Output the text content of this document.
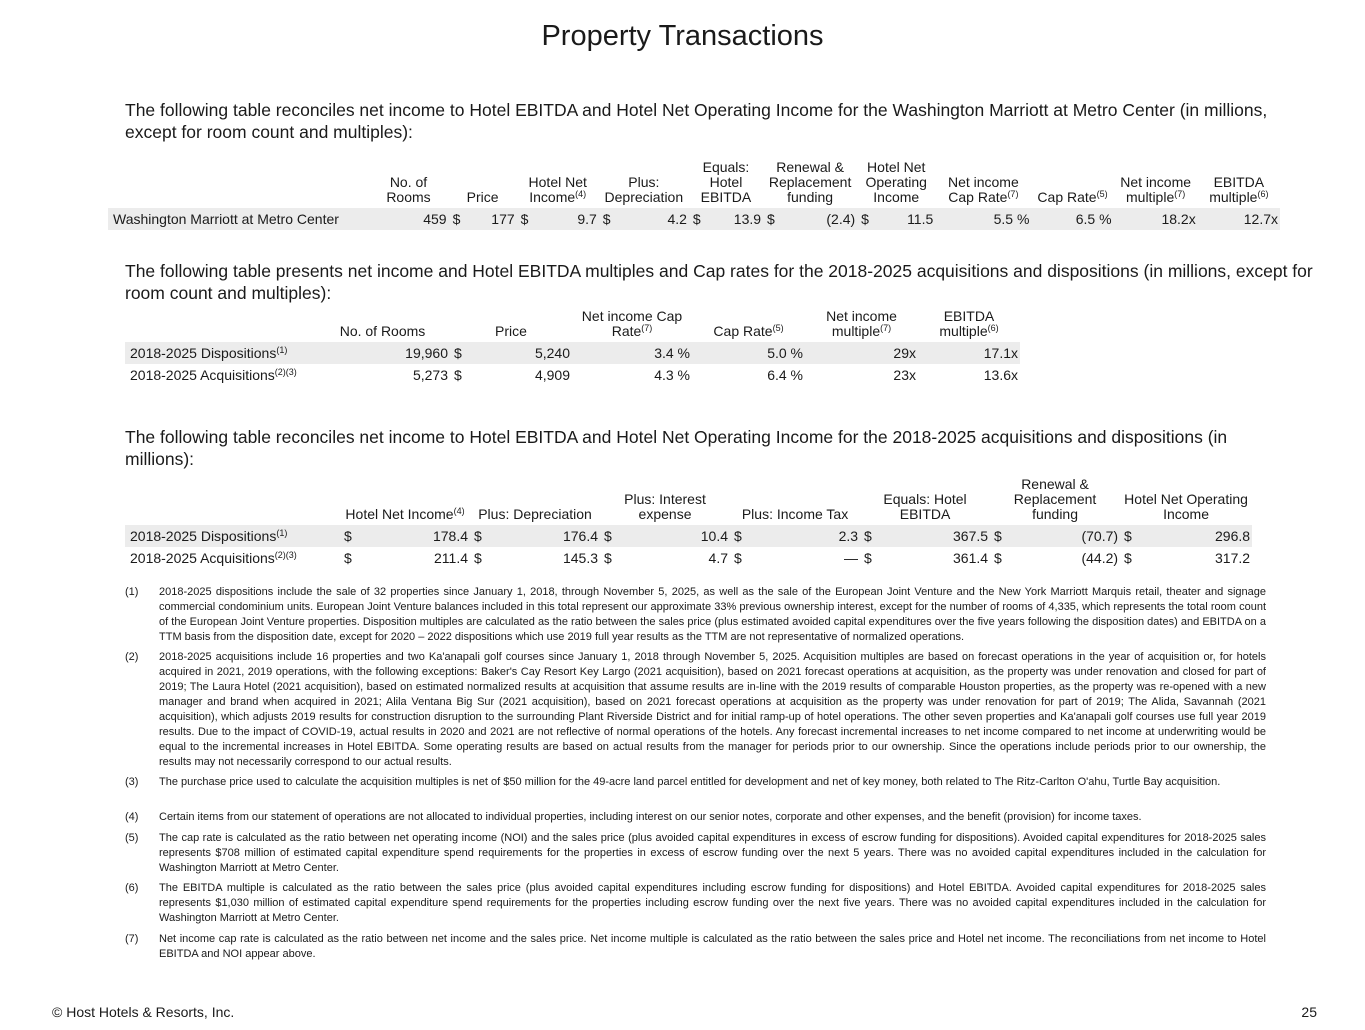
Property Transactions
The following table reconciles net income to Hotel EBITDA and Hotel Net Operating Income for the Washington Marriott at Metro Center (in millions, except for room count and multiples):
	No. of Rooms	Price		Hotel Net Income$^{(4)}$		Plus: Depreciation		Equals: Hotel EBITDA		Renewal & Replacement funding		Hotel Net Operating Income		Net income Cap Rate$^{(7)}$	Cap Rate$^{(5)}$	Net income multiple$^{(7)}$	EBITDA multiple$^{(6)}$
Washington Marriott at Metro Center	459	$	177	$	9.7	$	4.2	$	13.9	$	(2.4)	$	11.5	5.5 %	6.5 %	18.2x	12.7x
The following table presents net income and Hotel EBITDA multiples and Cap rates for the 2018-2025 acquisitions and dispositions (in millions, except for room count and multiples):
	No. of Rooms	Price		Net income Cap Rate$^{(7)}$	Cap Rate$^{(5)}$	Net income multiple$^{(7)}$	EBITDA multiple$^{(6)}$
2018-2025 Dispositions$^{(1)}$	19,960	$	5,240	3.4 %	5.0 %	29x	17.1x
2018-2025 Acquisitions$^{(2)(3)}$	5,273	$	4,909	4.3 %	6.4 %	23x	13.6x
The following table reconciles net income to Hotel EBITDA and Hotel Net Operating Income for the 2018-2025 acquisitions and dispositions (in millions):
	Hotel Net Income$^{(4)}$		Plus: Depreciation		Plus: Interest expense		Plus: Income Tax		Equals: Hotel EBITDA		Renewal & Replacement funding		Hotel Net Operating Income	
2018-2025 Dispositions$^{(1)}$	$	178.4	$	176.4	$	10.4	$	2.3	$	367.5	$	(70.7)	$	296.8
2018-2025 Acquisitions$^{(2)(3)}$	$	211.4	$	145.3	$	4.7	$	—	$	361.4	$	(44.2)	$	317.2
(1) 2018-2025 dispositions include the sale of 32 properties since January 1, 2018, through November 5, 2025, as well as the sale of the European Joint Venture and the New York Marriott Marquis retail, theater and signage commercial condominium units. European Joint Venture balances included in this total represent our approximate 33% previous ownership interest, except for the number of rooms of 4,335, which represents the total room count of the European Joint Venture properties. Disposition multiples are calculated as the ratio between the sales price (plus estimated avoided capital expenditures over the five years following the disposition dates) and EBITDA on a TTM basis from the disposition date, except for 2020 – 2022 dispositions which use 2019 full year results as the TTM are not representative of normalized operations.
(2) 2018-2025 acquisitions include 16 properties and two Ka'anapali golf courses since January 1, 2018 through November 5, 2025. Acquisition multiples are based on forecast operations in the year of acquisition or, for hotels acquired in 2021, 2019 operations, with the following exceptions: Baker's Cay Resort Key Largo (2021 acquisition), based on 2021 forecast operations at acquisition, as the property was under renovation and closed for part of 2019; The Laura Hotel (2021 acquisition), based on estimated normalized results at acquisition that assume results are in-line with the 2019 results of comparable Houston properties, as the property was re-opened with a new manager and brand when acquired in 2021; Alila Ventana Big Sur (2021 acquisition), based on 2021 forecast operations at acquisition as the property was under renovation for part of 2019; The Alida, Savannah (2021 acquisition), which adjusts 2019 results for construction disruption to the surrounding Plant Riverside District and for initial ramp-up of hotel operations. The other seven properties and Ka'anapali golf courses use full year 2019 results. Due to the impact of COVID-19, actual results in 2020 and 2021 are not reflective of normal operations of the hotels. Any forecast incremental increases to net income compared to net income at underwriting would be equal to the incremental increases in Hotel EBITDA. Some operating results are based on actual results from the manager for periods prior to our ownership. Since the operations include periods prior to our ownership, the results may not necessarily correspond to our actual results.
(3) The purchase price used to calculate the acquisition multiples is net of $50 million for the 49-acre land parcel entitled for development and net of key money, both related to The Ritz-Carlton O'ahu, Turtle Bay acquisition.
(4) Certain items from our statement of operations are not allocated to individual properties, including interest on our senior notes, corporate and other expenses, and the benefit (provision) for income taxes.
(5) The cap rate is calculated as the ratio between net operating income (NOI) and the sales price (plus avoided capital expenditures in excess of escrow funding for dispositions). Avoided capital expenditures for 2018-2025 sales represents $708 million of estimated capital expenditure spend requirements for the properties in excess of escrow funding over the next 5 years. There was no avoided capital expenditures included in the calculation for Washington Marriott at Metro Center.
(6) The EBITDA multiple is calculated as the ratio between the sales price (plus avoided capital expenditures including escrow funding for dispositions) and Hotel EBITDA. Avoided capital expenditures for 2018-2025 sales represents $1,030 million of estimated capital expenditure spend requirements for the properties including escrow funding over the next five years. There was no avoided capital expenditures included in the calculation for Washington Marriott at Metro Center.
(7) Net income cap rate is calculated as the ratio between net income and the sales price. Net income multiple is calculated as the ratio between the sales price and Hotel net income. The reconciliations from net income to Hotel EBITDA and NOI appear above.
© Host Hotels & Resorts, Inc.	25
